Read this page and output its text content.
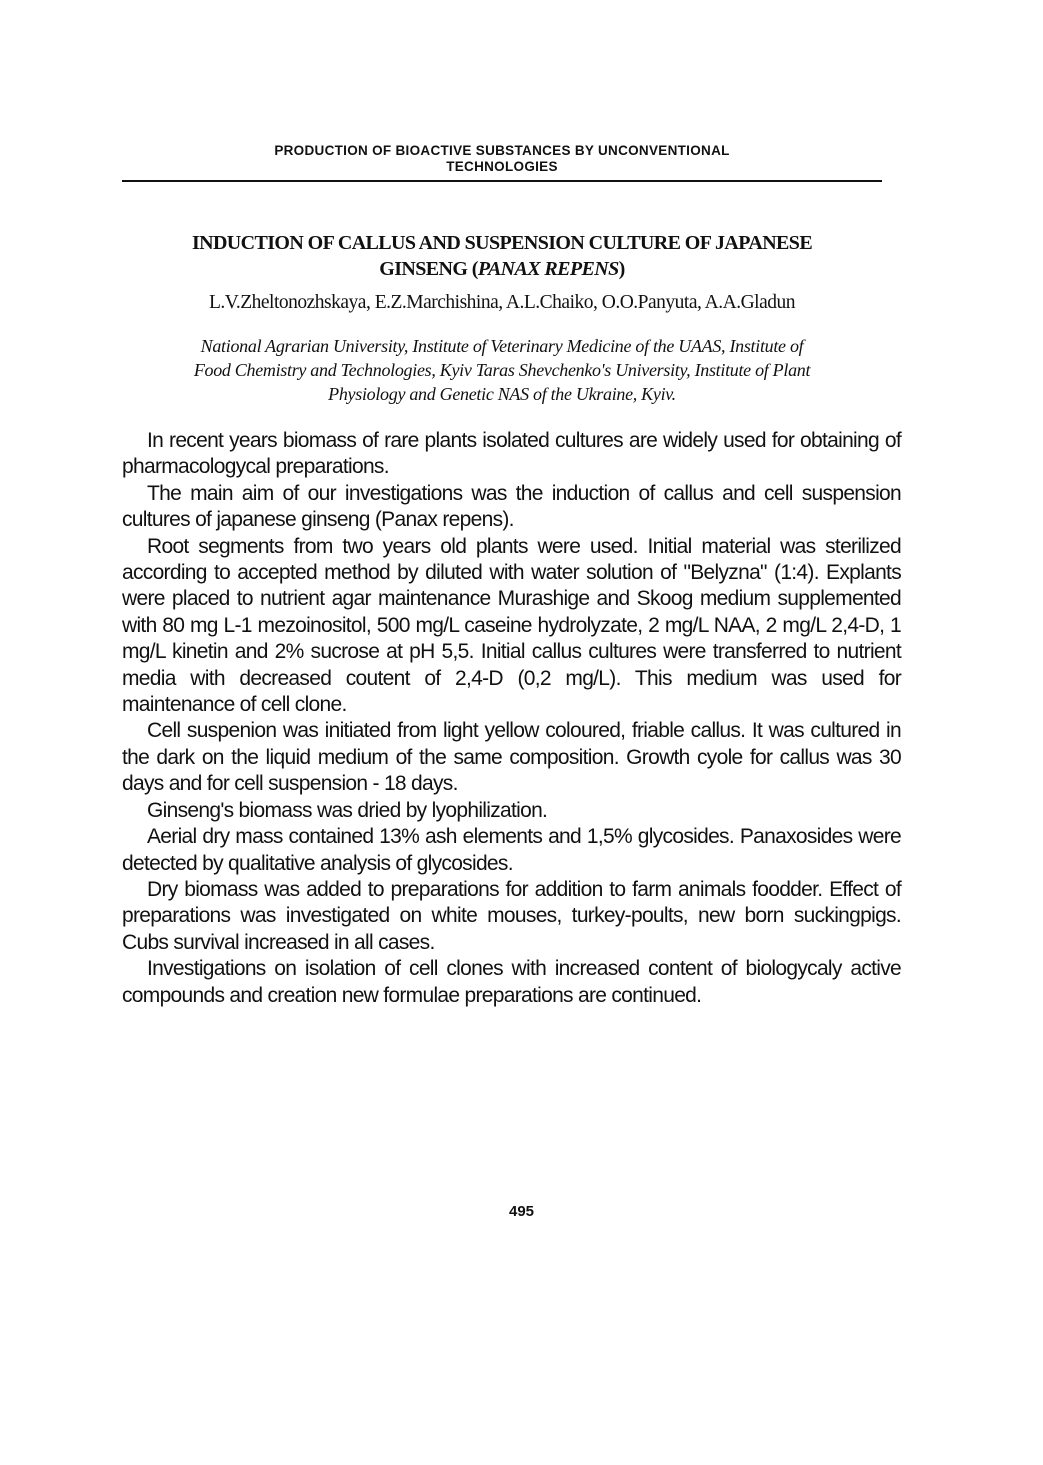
PRODUCTION OF BIOACTIVE SUBSTANCES BY UNCONVENTIONAL
TECHNOLOGIES
INDUCTION OF CALLUS AND SUSPENSION CULTURE OF JAPANESE
GINSENG (PANAX REPENS)
L.V.Zheltonozhskaya, E.Z.Marchishina, A.L.Chaiko, O.O.Panyuta, A.A.Gladun
National Agrarian University, Institute of Veterinary Medicine of the UAAS, Institute of
Food Chemistry and Technologies, Kyiv Taras Shevchenko's University, Institute of Plant
Physiology and Genetic NAS of the Ukraine, Kyiv.

In recent years biomass of rare plants isolated cultures are widely used for obtaining of pharmacologycal preparations.

The main aim of our investigations was the induction of callus and cell suspension cultures of japanese ginseng (Panax repens).

Root segments from two years old plants were used. Initial material was sterilized according to accepted method by diluted with water solution of "Belyzna" (1:4). Explants were placed to nutrient agar maintenance Murashige and Skoog medium supplemented with 80 mg L-1 mezoinositol, 500 mg/L caseine hydrolyzate, 2 mg/L NAA, 2 mg/L 2,4-D, 1 mg/L kinetin and 2% sucrose at pH 5,5. Initial callus cultures were transferred to nutrient media with decreased coutent of 2,4-D (0,2 mg/L). This medium was used for maintenance of cell clone.

Cell suspenion was initiated from light yellow coloured, friable callus. It was cultured in the dark on the liquid medium of the same composition. Growth cyole for callus was 30 days and for cell suspension - 18 days.

Ginseng's biomass was dried by lyophilization.

Aerial dry mass contained 13% ash elements and 1,5% glycosides. Panaxosides were detected by qualitative analysis of glycosides.

Dry biomass was added to preparations for addition to farm animals foodder. Effect of preparations was investigated on white mouses, turkey-poults, new born suckingpigs. Cubs survival increased in all cases.

Investigations on isolation of cell clones with increased content of biologycaly active compounds and creation new formulae preparations are continued.

495
